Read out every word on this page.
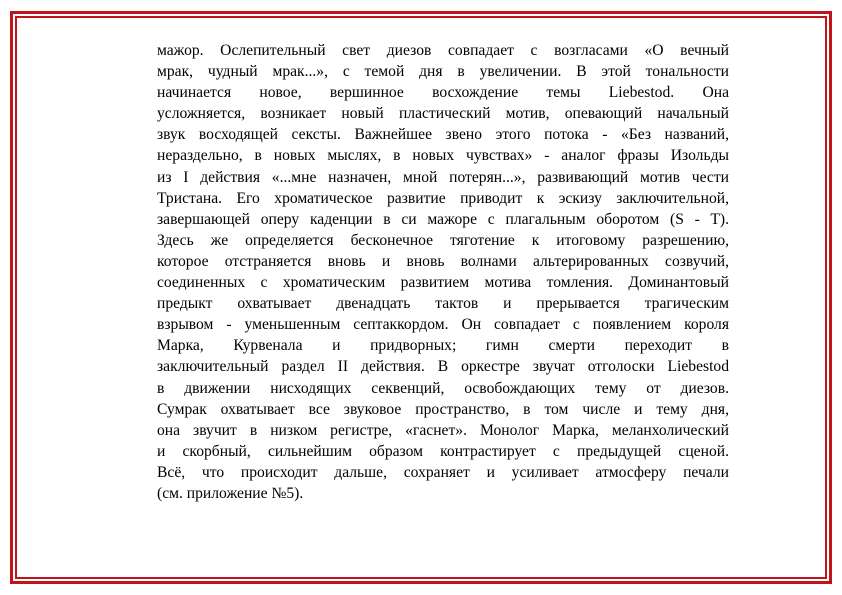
мажор. Ослепительный свет диезов совпадает с возгласами «О вечный
мрак, чудный мрак...», с темой дня в увеличении. В этой тональности
начинается новое, вершинное восхождение темы Liebestod. Она
усложняется, возникает новый пластический мотив, опевающий начальный
звук восходящей сексты. Важнейшее звено этого потока - «Без названий,
нераздельно, в новых мыслях, в новых чувствах» - аналог фразы Изольды
из I действия «...мне назначен, мной потерян...», развивающий мотив чести
Тристана. Его хроматическое развитие приводит к эскизу заключительной,
завершающей оперу каденции в си мажоре с плагальным оборотом (S - T).
Здесь же определяется бесконечное тяготение к итоговому разрешению,
которое отстраняется вновь и вновь волнами альтерированных созвучий,
соединенных с хроматическим развитием мотива томления. Доминантовый
предыкт охватывает двенадцать тактов и прерывается трагическим
взрывом - уменьшенным септаккордом. Он совпадает с появлением короля
Марка, Курвенала и придворных; гимн смерти переходит в
заключительный раздел II действия. В оркестре звучат отголоски Liebestod
в движении нисходящих секвенций, освобождающих тему от диезов.
Сумрак охватывает все звуковое пространство, в том числе и тему дня,
она звучит в низком регистре, «гаснет». Монолог Марка, меланхолический
и скорбный, сильнейшим образом контрастирует с предыдущей сценой.
Всё, что происходит дальше, сохраняет и усиливает атмосферу печали
(см. приложение №5).
